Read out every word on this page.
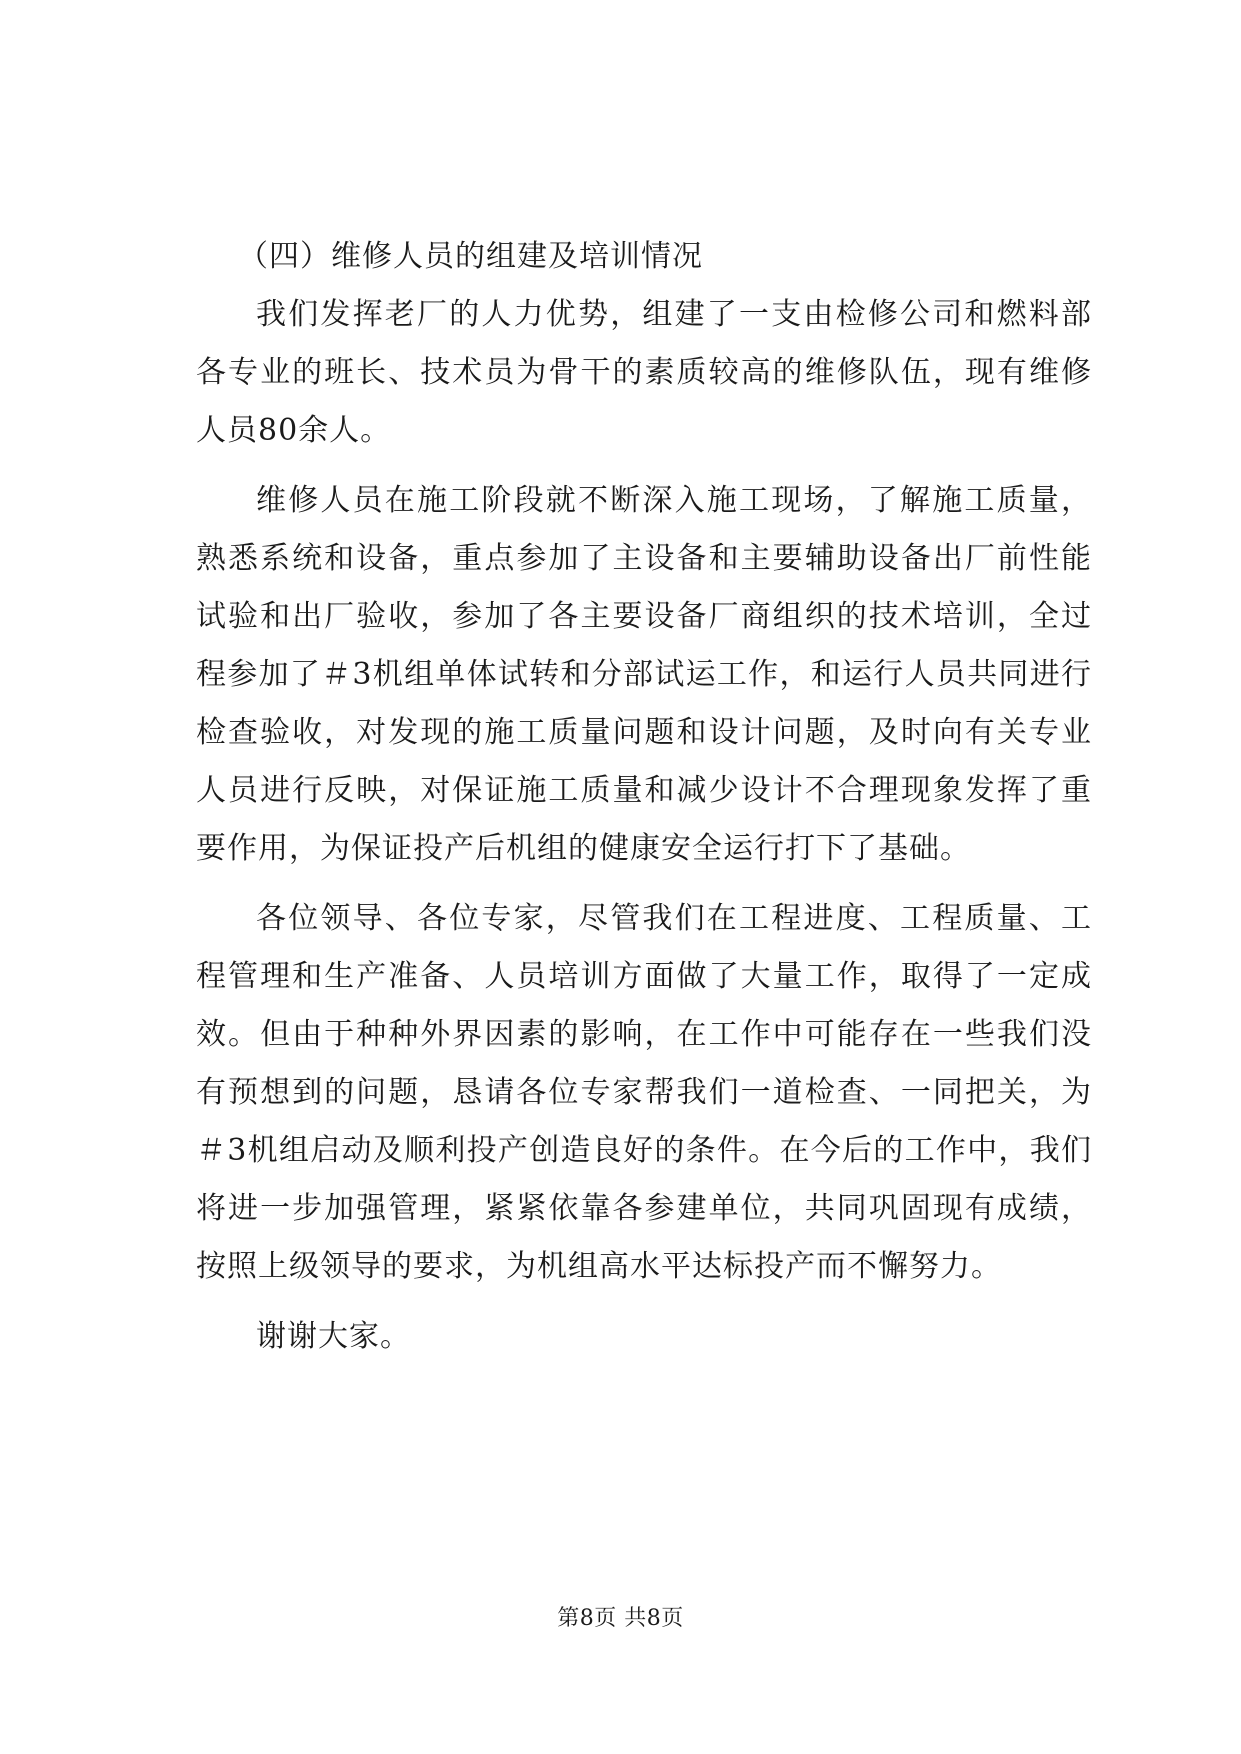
（四）维修人员的组建及培训情况

我们发挥老厂的人力优势，组建了一支由检修公司和燃料部各专业的班长、技术员为骨干的素质较高的维修队伍，现有维修人员80余人。

维修人员在施工阶段就不断深入施工现场，了解施工质量，熟悉系统和设备，重点参加了主设备和主要辅助设备出厂前性能试验和出厂验收，参加了各主要设备厂商组织的技术培训，全过程参加了＃3机组单体试转和分部试运工作，和运行人员共同进行检查验收，对发现的施工质量问题和设计问题，及时向有关专业人员进行反映，对保证施工质量和减少设计不合理现象发挥了重要作用，为保证投产后机组的健康安全运行打下了基础。

各位领导、各位专家，尽管我们在工程进度、工程质量、工程管理和生产准备、人员培训方面做了大量工作，取得了一定成效。但由于种种外界因素的影响，在工作中可能存在一些我们没有预想到的问题，恳请各位专家帮我们一道检查、一同把关，为＃3机组启动及顺利投产创造良好的条件。在今后的工作中，我们将进一步加强管理，紧紧依靠各参建单位，共同巩固现有成绩，按照上级领导的要求，为机组高水平达标投产而不懈努力。

谢谢大家。

第8页 共8页
